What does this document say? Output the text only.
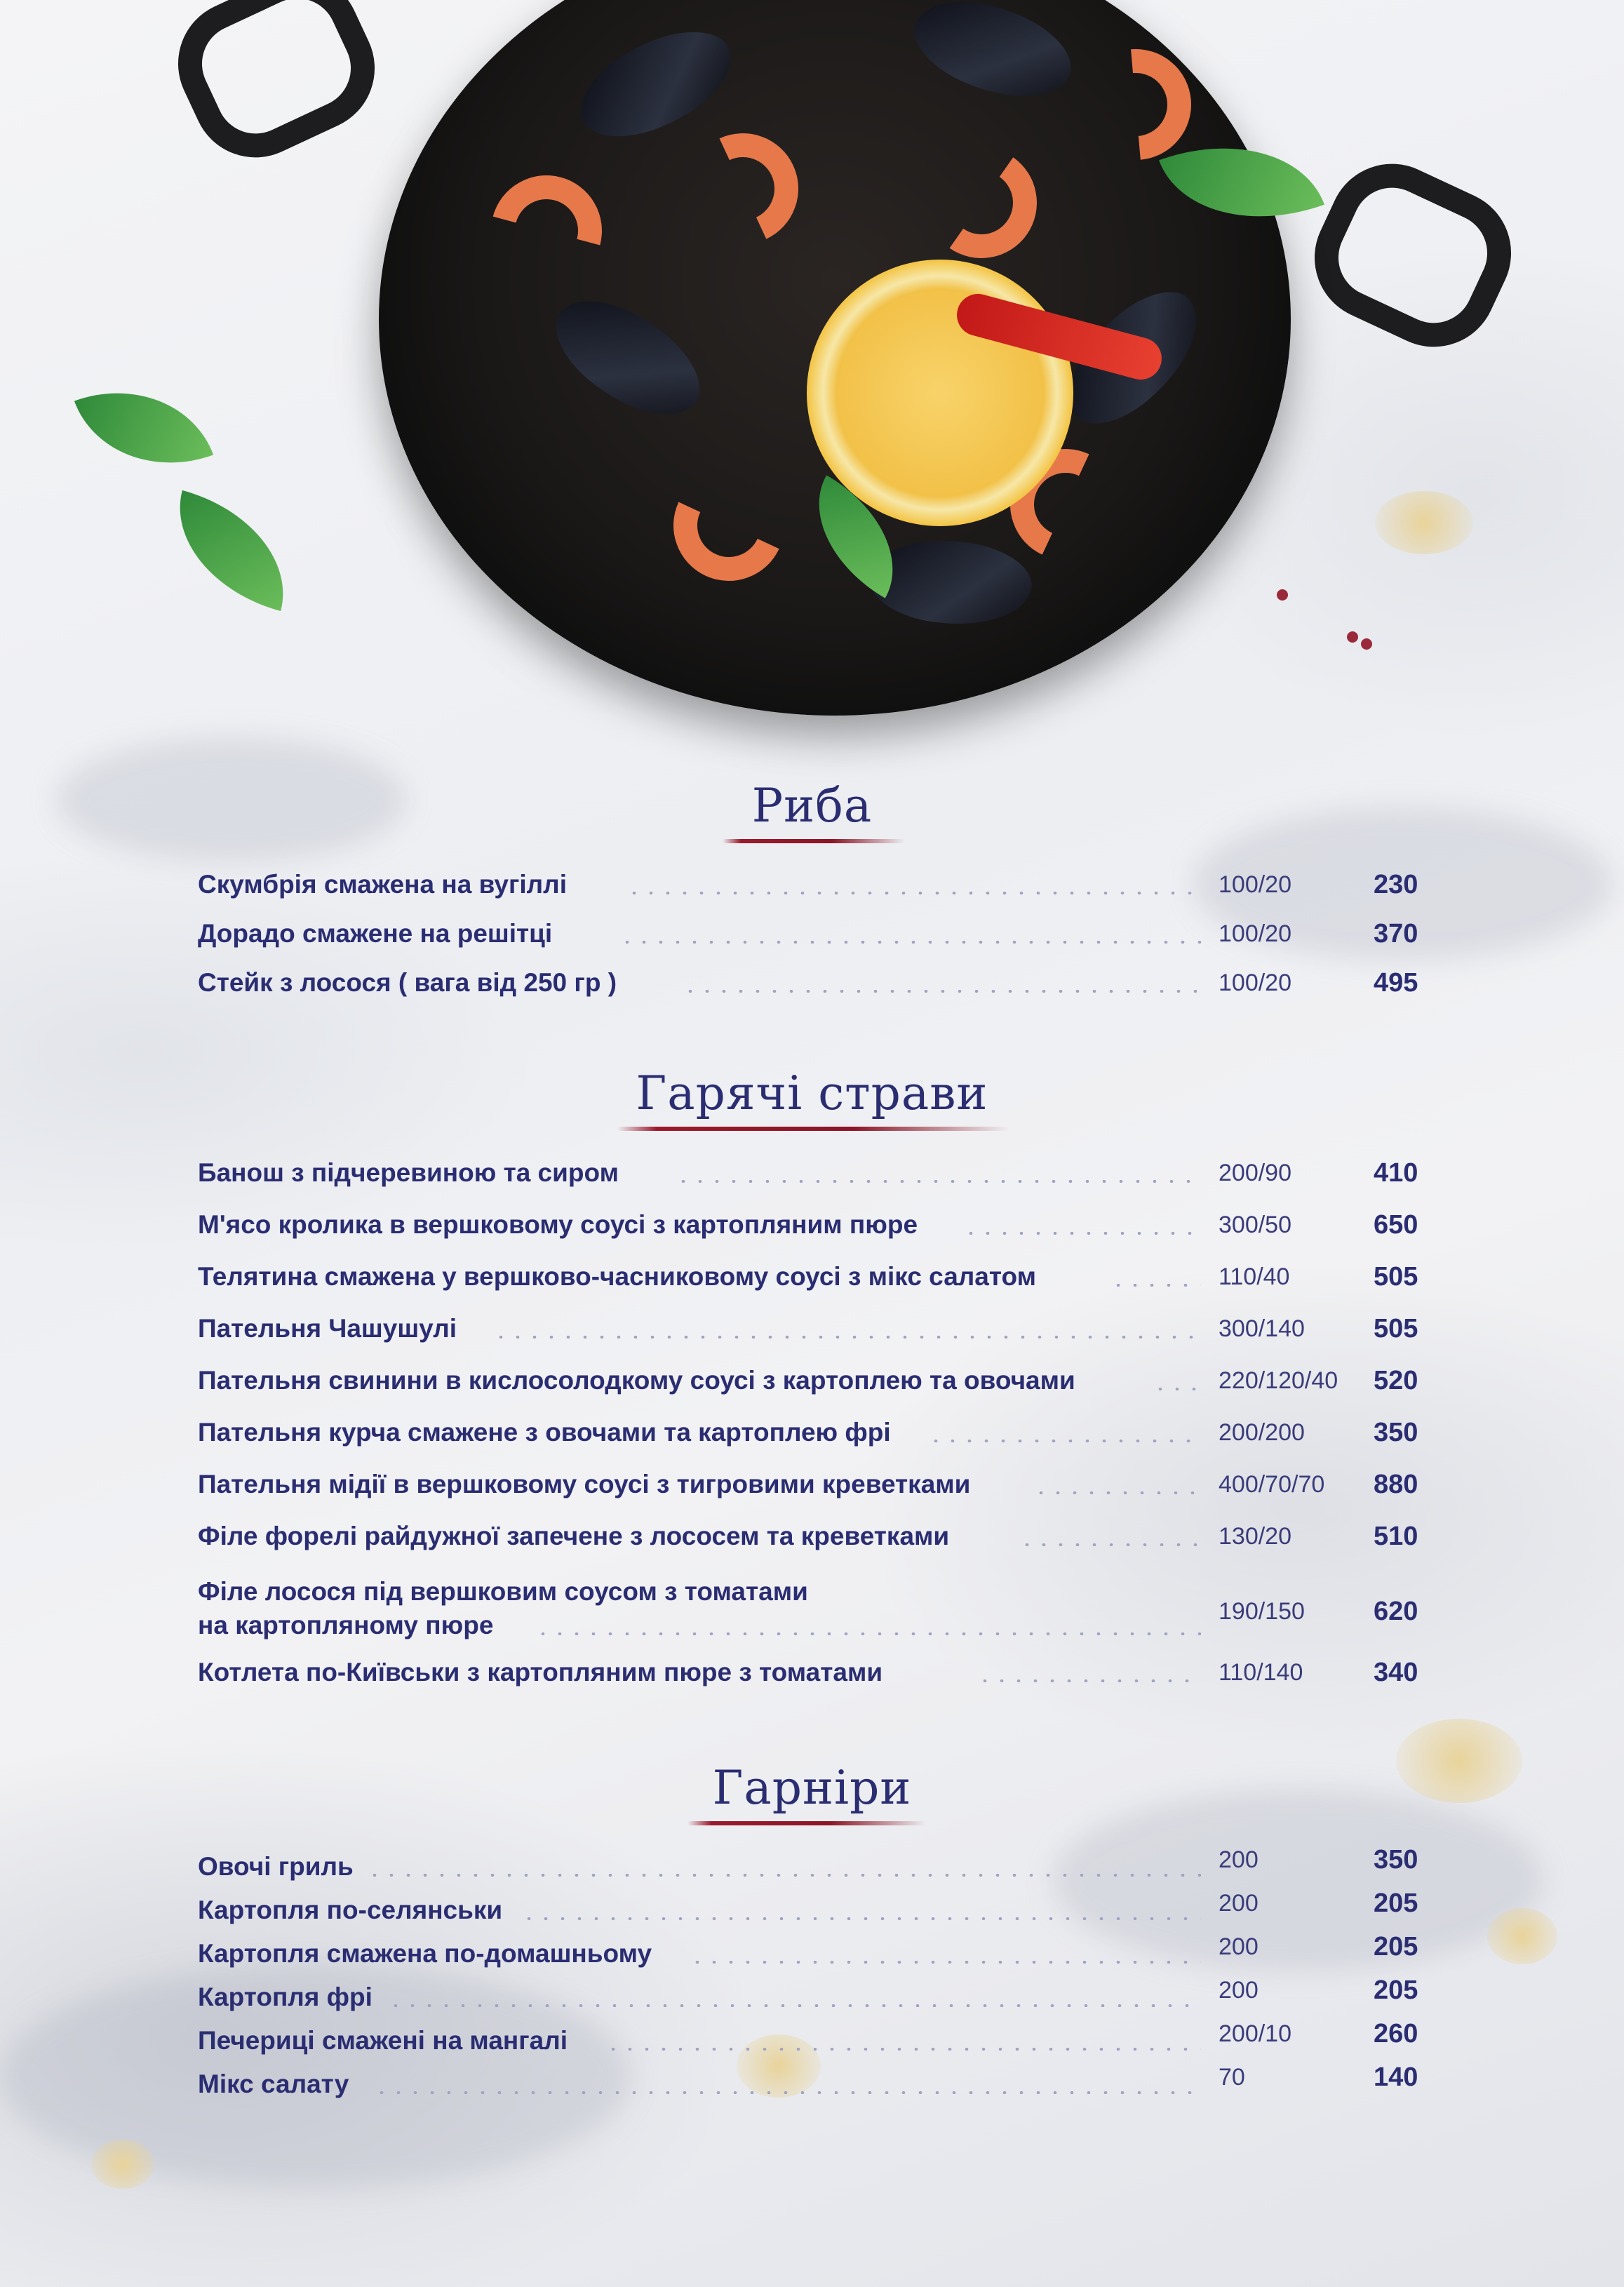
Риба
Скумбрія смажена на вугіллі	100/20	230
Дорадо смажене на решітці	100/20	370
Стейк з лосося ( вага від 250 гр )	100/20	495
Гарячі страви
Банош з підчеревиною та сиром	200/90	410
М'ясо кролика в вершковому соусі з картопляним пюре	300/50	650
Телятина смажена у вершково-часниковому соусі з мікс салатом	110/40	505
Пательня Чашушулі	300/140	505
Пательня свинини в кислосолодкому соусі з картоплею та овочами	220/120/40 520
Пательня курча смажене з овочами та картоплею фрі	200/200	350
Пательня мідії в вершковому соусі з тигровими креветками	400/70/70 880
Філе форелі райдужної запечене з лососем та креветками	130/20	510
Філе лосося під вершковим соусом з томатами
на картопляному пюре	190/150	620
Котлета по-Київськи з картопляним пюре з томатами	110/140	340
Гарніри
Овочі гриль	200	350
Картопля по-селянськи	200	205
Картопля смажена по-домашньому	200	205
Картопля фрі	200	205
Печериці смажені на мангалі	200/10	260
Мікс салату	70	140
